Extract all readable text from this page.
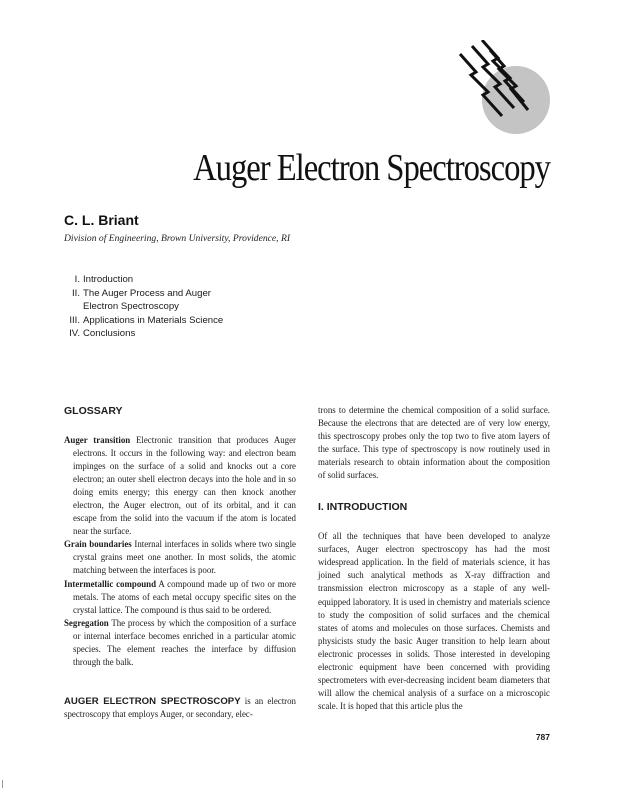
Auger Electron Spectroscopy
C. L. Briant
Division of Engineering, Brown University, Providence, RI
I. Introduction
II. The Auger Process and Auger Electron Spectroscopy
III. Applications in Materials Science
IV. Conclusions
GLOSSARY

Auger transition Electronic transition that produces Auger electrons. It occurs in the following way: and electron beam impinges on the surface of a solid and knocks out a core electron; an outer shell electron decays into the hole and in so doing emits energy; this energy can then knock another electron, the Auger electron, out of its orbital, and it can escape from the solid into the vacuum if the atom is located near the surface.

Grain boundaries Internal interfaces in solids where two single crystal grains meet one another. In most solids, the atomic matching between the interfaces is poor.

Intermetallic compound A compound made up of two or more metals. The atoms of each metal occupy specific sites on the crystal lattice. The compound is thus said to be ordered.

Segregation The process by which the composition of a surface or internal interface becomes enriched in a particular atomic species. The element reaches the interface by diffusion through the balk.

AUGER ELECTRON SPECTROSCOPY is an electron spectroscopy that employs Auger, or secondary, elec-

trons to determine the chemical composition of a solid surface. Because the electrons that are detected are of very low energy, this spectroscopy probes only the top two to five atom layers of the surface. This type of spectroscopy is now routinely used in materials research to obtain information about the composition of solid surfaces.

I. INTRODUCTION

Of all the techniques that have been developed to analyze surfaces, Auger electron spectroscopy has had the most widespread application. In the field of materials science, it has joined such analytical methods as X-ray diffraction and transmission electron microscopy as a staple of any well-equipped laboratory. It is used in chemistry and materials science to study the composition of solid surfaces and the chemical states of atoms and molecules on those surfaces. Chemists and physicists study the basic Auger transition to help learn about electronic processes in solids. Those interested in developing electronic equipment have been concerned with providing spectrometers with ever-decreasing incident beam diameters that will allow the chemical analysis of a surface on a microscopic scale. It is hoped that this article plus the

787
